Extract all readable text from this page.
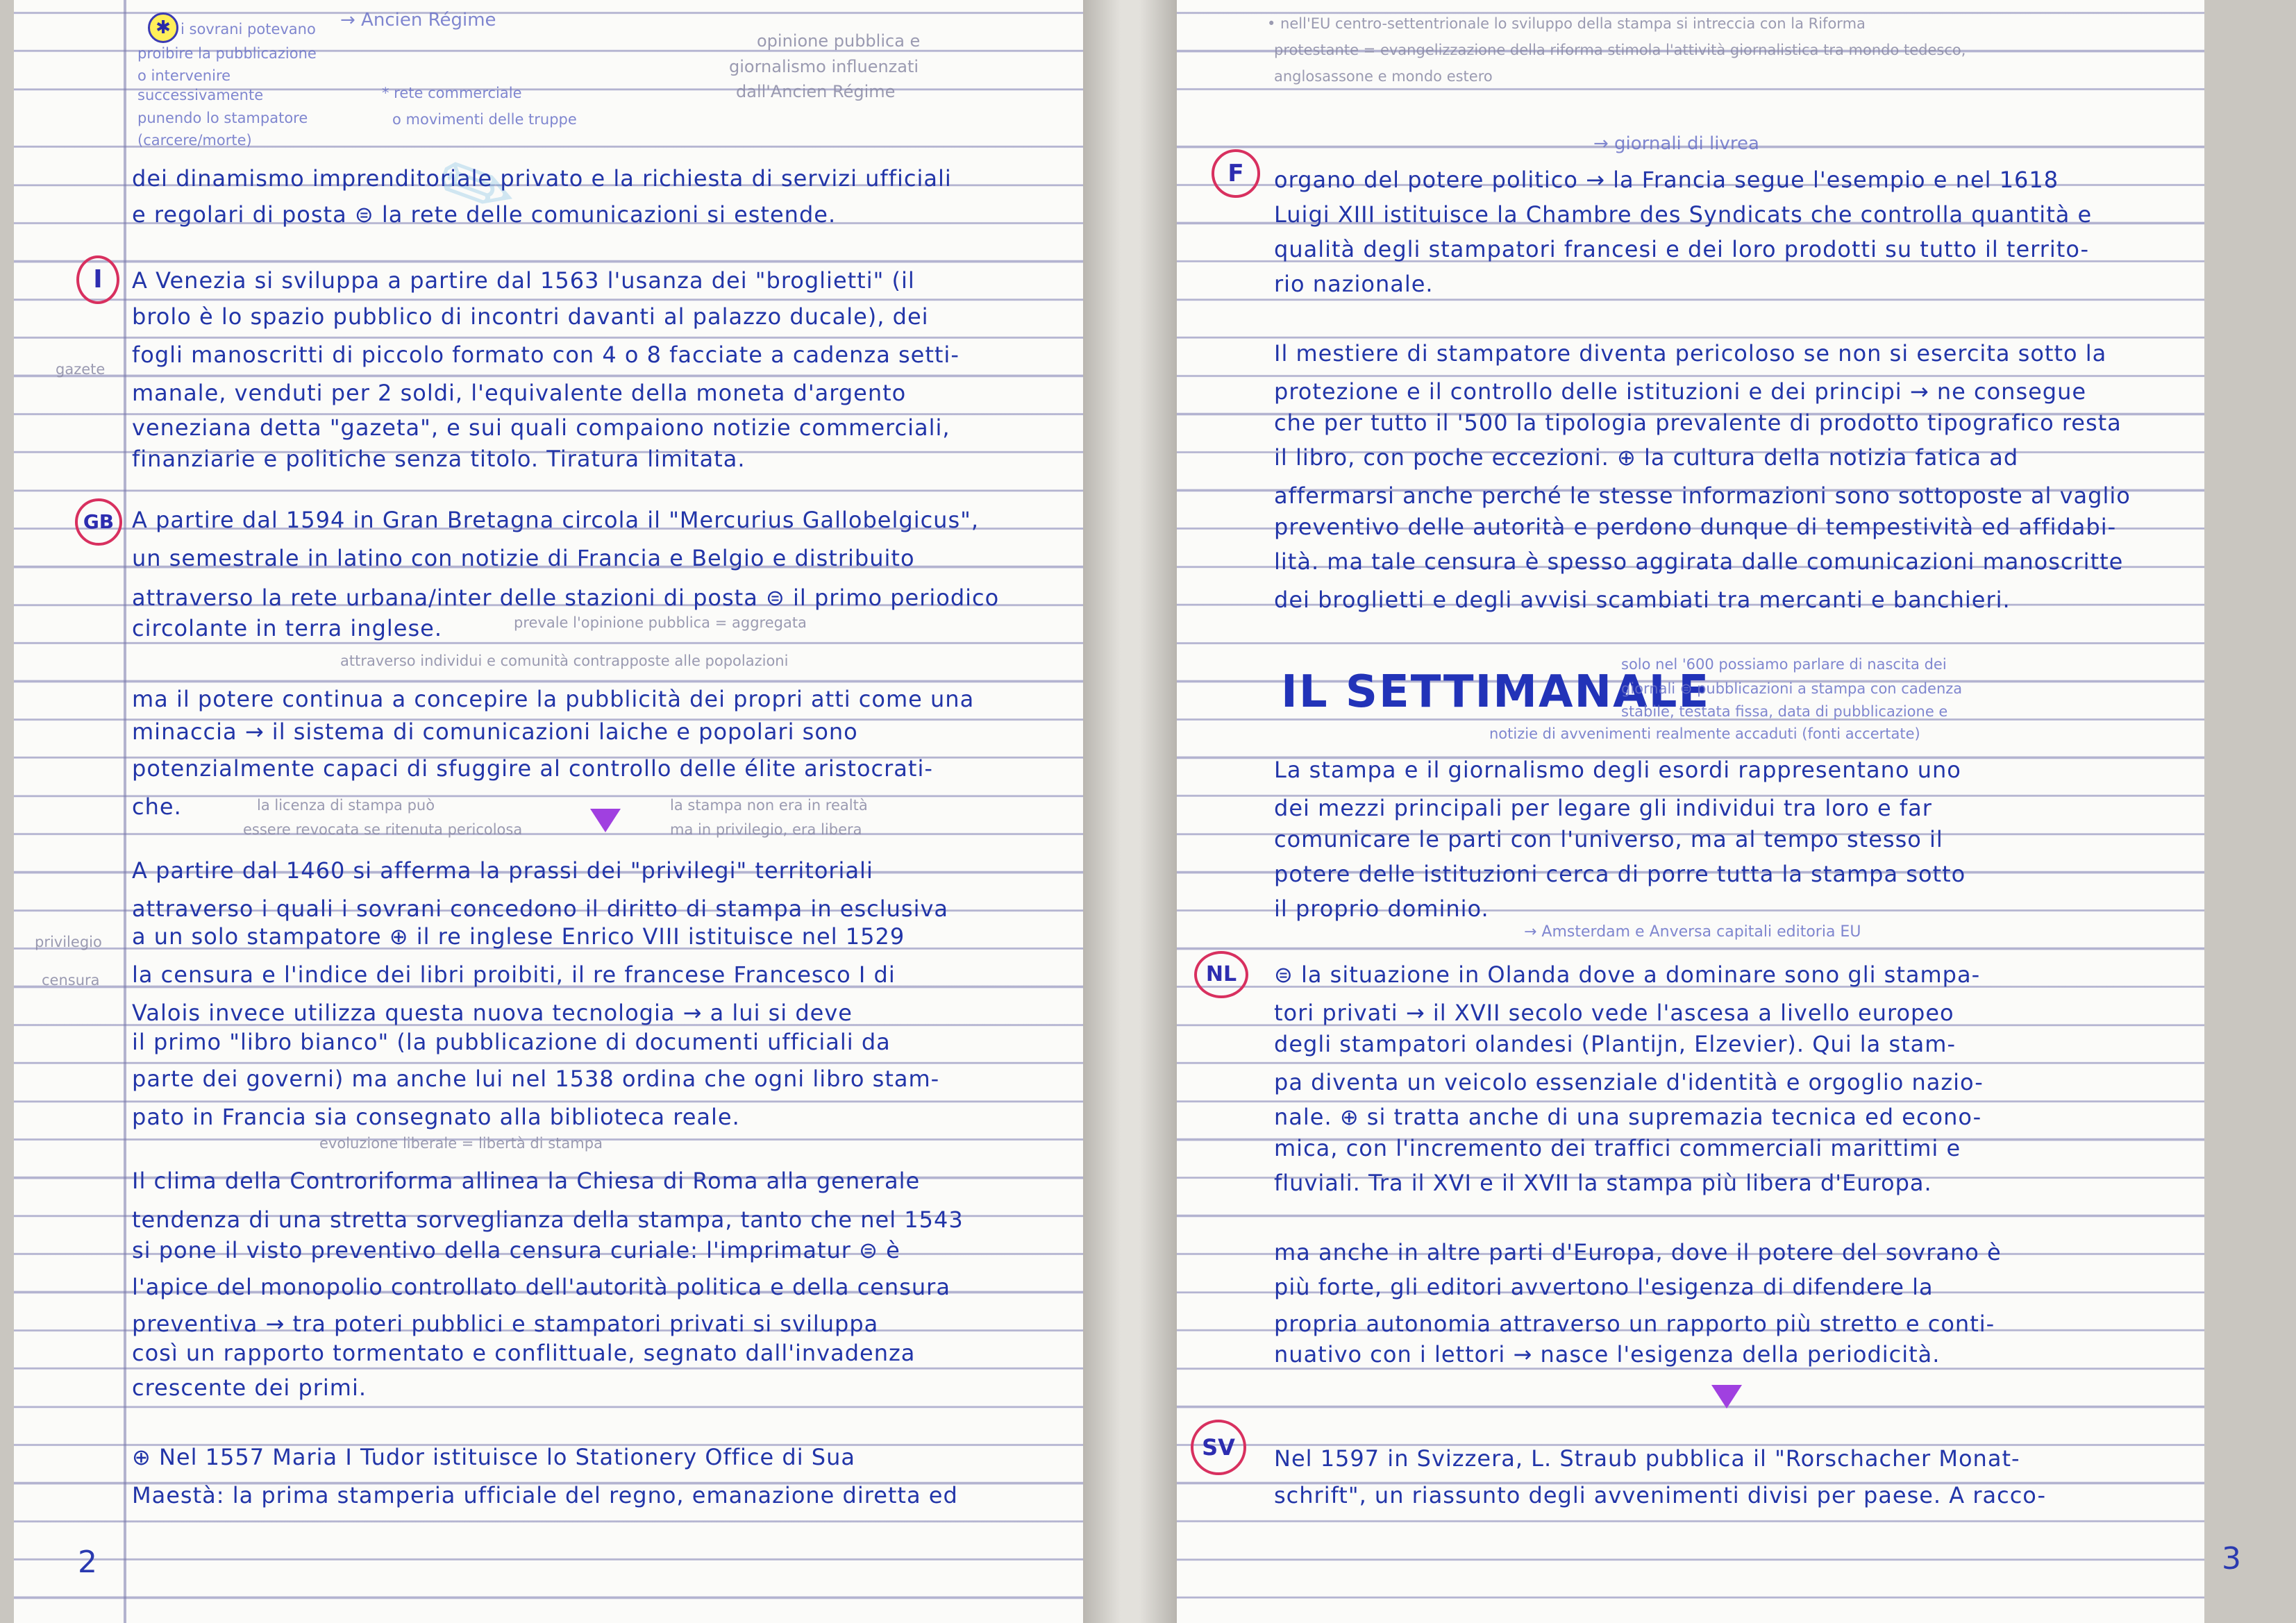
✎
✱ i sovrani potevano
proibire la pubblicazione
o intervenire
successivamente
punendo lo stampatore
(carcere/morte)
→ Ancien Régime
opinione pubblica e
giornalismo influenzati
dall'Ancien Régime
* rete commerciale
o movimenti delle truppe
dei dinamismo imprenditoriale privato e la richiesta di servizi ufficiali
e regolari di posta ⊜ la rete delle comunicazioni si estende.
I	A Venezia si sviluppa a partire dal 1563 l'usanza dei "broglietti" (il
brolo è lo spazio pubblico di incontri davanti al palazzo ducale), dei
fogli manoscritti di piccolo formato con 4 o 8 facciate a cadenza setti-
manale, venduti per 2 soldi, l'equivalente della moneta d'argento
veneziana detta "gazeta", e sui quali compaiono notizie commerciali,
finanziarie e politiche senza titolo. Tiratura limitata.
gazete
GB A partire dal 1594 in Gran Bretagna circola il "Mercurius Gallobelgicus",
un semestrale in latino con notizie di Francia e Belgio e distribuito
attraverso la rete urbana/inter delle stazioni di posta ⊜ il primo periodico
circolante in terra inglese.	prevale l'opinione pubblica = aggregata
attraverso individui e comunità contrapposte alle popolazioni
ma il potere continua a concepire la pubblicità dei propri atti come una
minaccia → il sistema di comunicazioni laiche e popolari sono
potenzialmente capaci di sfuggire al controllo delle élite aristocrati-
che.	la licenza di stampa può
essere revocata se ritenuta pericolosa
la stampa non era in realtà
ma in privilegio, era libera
A partire dal 1460 si afferma la prassi dei "privilegi" territoriali
attraverso i quali i sovrani concedono il diritto di stampa in esclusiva
a un solo stampatore ⊕ il re inglese Enrico VIII istituisce nel 1529
la censura e l'indice dei libri proibiti, il re francese Francesco I di
Valois invece utilizza questa nuova tecnologia → a lui si deve
il primo "libro bianco" (la pubblicazione di documenti ufficiali da
parte dei governi) ma anche lui nel 1538 ordina che ogni libro stam-
pato in Francia sia consegnato alla biblioteca reale.
evoluzione liberale = libertà di stampa
privilegio
censura
Il clima della Controriforma allinea la Chiesa di Roma alla generale
tendenza di una stretta sorveglianza della stampa, tanto che nel 1543
si pone il visto preventivo della censura curiale: l'imprimatur ⊜ è
l'apice del monopolio controllato dell'autorità politica e della censura
preventiva → tra poteri pubblici e stampatori privati si sviluppa
così un rapporto tormentato e conflittuale, segnato dall'invadenza
crescente dei primi.
⊕ Nel 1557 Maria I Tudor istituisce lo Stationery Office di Sua
Maestà: la prima stamperia ufficiale del regno, emanazione diretta ed
2
• nell'EU centro-settentrionale lo sviluppo della stampa si intreccia con la Riforma
protestante = evangelizzazione della riforma stimola l'attività giornalistica tra mondo tedesco,
anglosassone e mondo estero
→ giornali di livrea
F	organo del potere politico → la Francia segue l'esempio e nel 1618
Luigi XIII istituisce la Chambre des Syndicats che controlla quantità e
qualità degli stampatori francesi e dei loro prodotti su tutto il territo-
rio nazionale.
Il mestiere di stampatore diventa pericoloso se non si esercita sotto la
protezione e il controllo delle istituzioni e dei principi → ne consegue
che per tutto il '500 la tipologia prevalente di prodotto tipografico resta
il libro, con poche eccezioni. ⊕ la cultura della notizia fatica ad
affermarsi anche perché le stesse informazioni sono sottoposte al vaglio
preventivo delle autorità e perdono dunque di tempestività ed affidabi-
lità. ma tale censura è spesso aggirata dalle comunicazioni manoscritte
dei broglietti e degli avvisi scambiati tra mercanti e banchieri.
IL SETTIMANALE
solo nel '600 possiamo parlare di nascita dei
giornali ⊜ pubblicazioni a stampa con cadenza
stabile, testata fissa, data di pubblicazione e
notizie di avvenimenti realmente accaduti (fonti accertate)
La stampa e il giornalismo degli esordi rappresentano uno
dei mezzi principali per legare gli individui tra loro e far
comunicare le parti con l'universo, ma al tempo stesso il
potere delle istituzioni cerca di porre tutta la stampa sotto
il proprio dominio.
→ Amsterdam e Anversa capitali editoria EU
NL	⊜ la situazione in Olanda dove a dominare sono gli stampa-
tori privati → il XVII secolo vede l'ascesa a livello europeo
degli stampatori olandesi (Plantijn, Elzevier). Qui la stam-
pa diventa un veicolo essenziale d'identità e orgoglio nazio-
nale. ⊕ si tratta anche di una supremazia tecnica ed econo-
mica, con l'incremento dei traffici commerciali marittimi e
fluviali. Tra il XVI e il XVII la stampa più libera d'Europa.
ma anche in altre parti d'Europa, dove il potere del sovrano è
più forte, gli editori avvertono l'esigenza di difendere la
propria autonomia attraverso un rapporto più stretto e conti-
nuativo con i lettori → nasce l'esigenza della periodicità.
SV	Nel 1597 in Svizzera, L. Straub pubblica il "Rorschacher Monat-
schrift", un riassunto degli avvenimenti divisi per paese. A racco-
3
